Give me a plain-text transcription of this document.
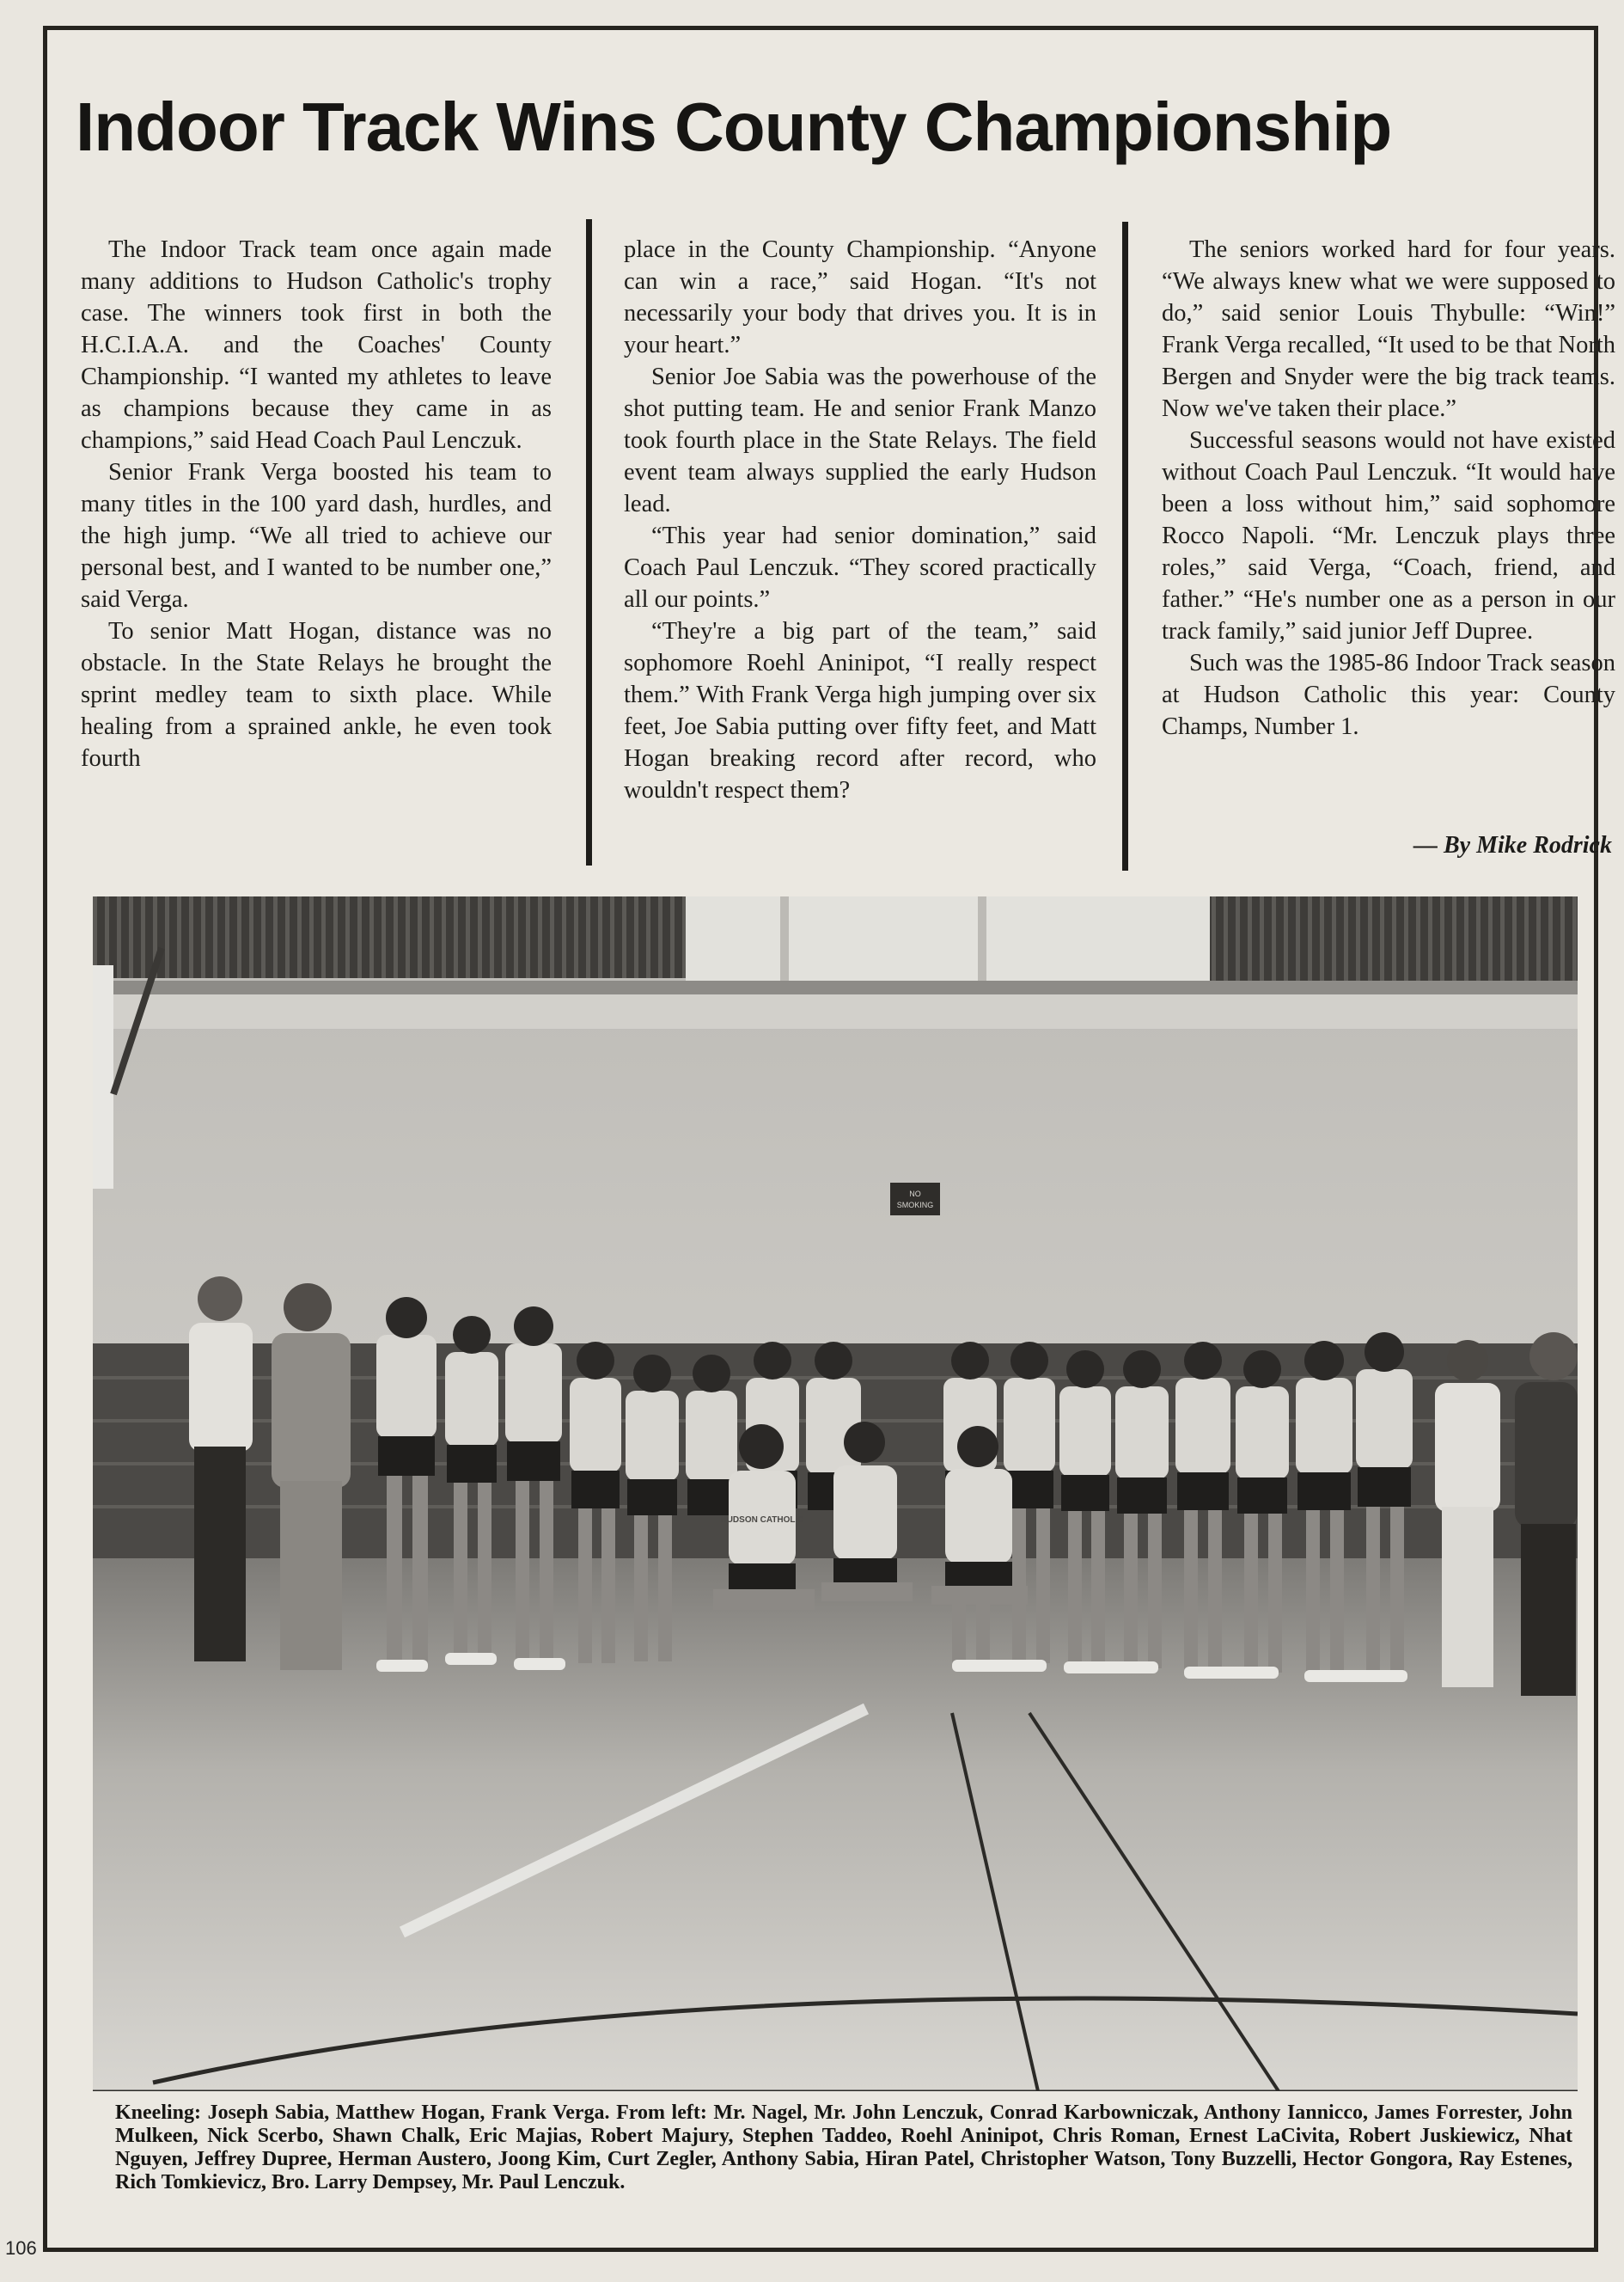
Indoor Track Wins County Championship

The Indoor Track team once again made many additions to Hudson Catholic's trophy case. The winners took first in both the H.C.I.A.A. and the Coaches' County Championship. “I wanted my athletes to leave as champions because they came in as champions,” said Head Coach Paul Lenczuk.

Senior Frank Verga boosted his team to many titles in the 100 yard dash, hurdles, and the high jump. “We all tried to achieve our personal best, and I wanted to be number one,” said Verga.

To senior Matt Hogan, distance was no obstacle. In the State Relays he brought the sprint medley team to sixth place. While healing from a sprained ankle, he even took fourth

place in the County Championship. “Anyone can win a race,” said Hogan. “It's not necessarily your body that drives you. It is in your heart.”

Senior Joe Sabia was the powerhouse of the shot putting team. He and senior Frank Manzo took fourth place in the State Relays. The field event team always supplied the early Hudson lead.

“This year had senior domination,” said Coach Paul Lenczuk. “They scored practically all our points.”

“They're a big part of the team,” said sophomore Roehl Aninipot, “I really respect them.” With Frank Verga high jumping over six feet, Joe Sabia putting over fifty feet, and Matt Hogan breaking record after record, who wouldn't respect them?

The seniors worked hard for four years. “We always knew what we were supposed to do,” said senior Louis Thybulle: “Win!” Frank Verga recalled, “It used to be that North Bergen and Snyder were the big track teams. Now we've taken their place.”

Successful seasons would not have existed without Coach Paul Lenczuk. “It would have been a loss without him,” said sophomore Rocco Napoli. “Mr. Lenczuk plays three roles,” said Verga, “Coach, friend, and father.” “He's number one as a person in our track family,” said junior Jeff Dupree.

Such was the 1985-86 Indoor Track season at Hudson Catholic this year: County Champs, Number 1.

— By Mike Rodrick

NO
SMOKING
HUDSON CATHOLIC

Kneeling: Joseph Sabia, Matthew Hogan, Frank Verga. From left: Mr. Nagel, Mr. John Lenczuk, Conrad Karbowniczak, Anthony Iannicco, James Forrester, John Mulkeen, Nick Scerbo, Shawn Chalk, Eric Majias, Robert Majury, Stephen Taddeo, Roehl Aninipot, Chris Roman, Ernest LaCivita, Robert Juskiewicz, Nhat Nguyen, Jeffrey Dupree, Herman Austero, Joong Kim, Curt Zegler, Anthony Sabia, Hiran Patel, Christopher Watson, Tony Buzzelli, Hector Gongora, Ray Estenes, Rich Tomkievicz, Bro. Larry Dempsey, Mr. Paul Lenczuk.

106
